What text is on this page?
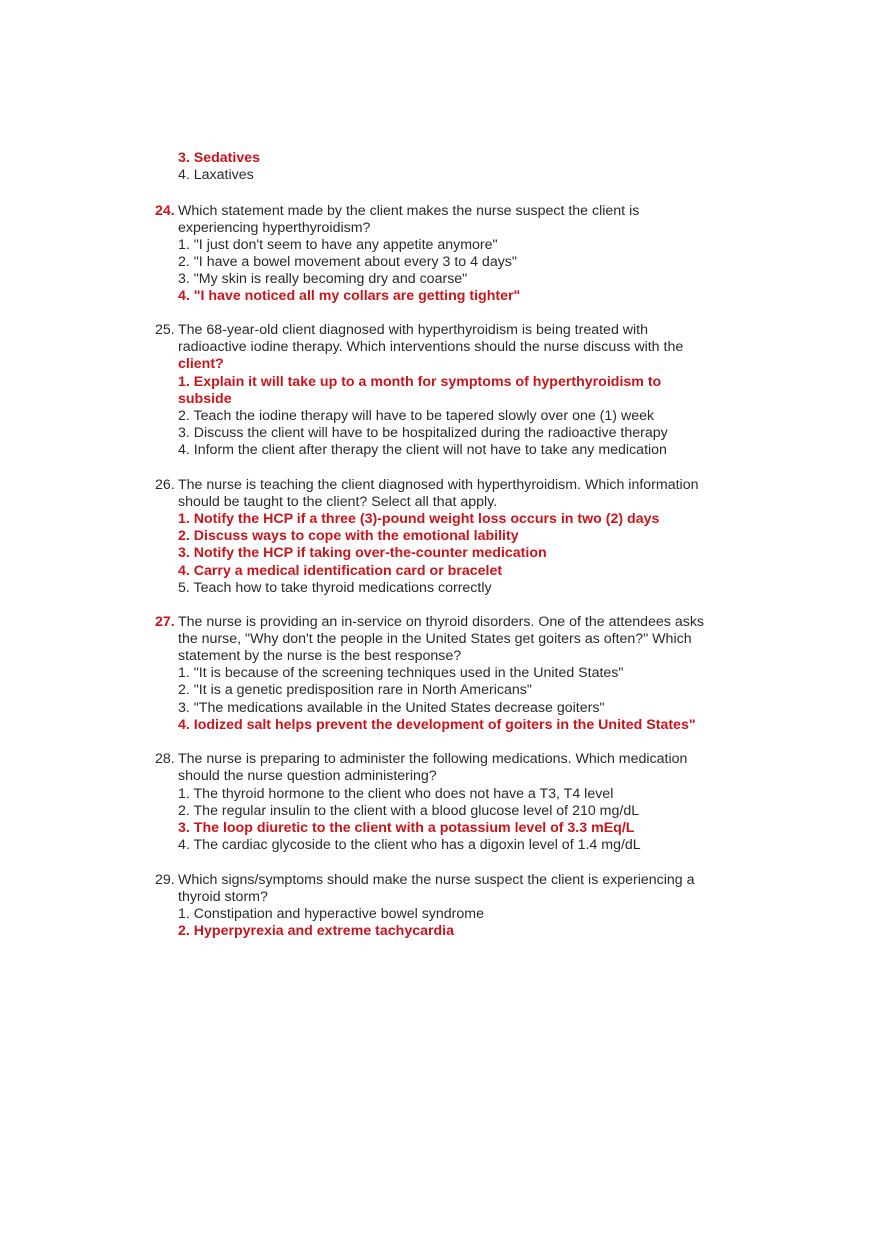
3. Sedatives
4. Laxatives
24. Which statement made by the client makes the nurse suspect the client is
experiencing hyperthyroidism?
1. "I just don't seem to have any appetite anymore"
2. "I have a bowel movement about every 3 to 4 days"
3. "My skin is really becoming dry and coarse"
4. "I have noticed all my collars are getting tighter"
25. The 68-year-old client diagnosed with hyperthyroidism is being treated with
radioactive iodine therapy. Which interventions should the nurse discuss with the
client?
1. Explain it will take up to a month for symptoms of hyperthyroidism to
subside
2. Teach the iodine therapy will have to be tapered slowly over one (1) week
3. Discuss the client will have to be hospitalized during the radioactive therapy
4. Inform the client after therapy the client will not have to take any medication
26. The nurse is teaching the client diagnosed with hyperthyroidism. Which information
should be taught to the client? Select all that apply.
1. Notify the HCP if a three (3)-pound weight loss occurs in two (2) days
2. Discuss ways to cope with the emotional lability
3. Notify the HCP if taking over-the-counter medication
4. Carry a medical identification card or bracelet
5. Teach how to take thyroid medications correctly
27. The nurse is providing an in-service on thyroid disorders. One of the attendees asks
the nurse, "Why don't the people in the United States get goiters as often?" Which
statement by the nurse is the best response?
1. "It is because of the screening techniques used in the United States"
2. "It is a genetic predisposition rare in North Americans"
3. "The medications available in the United States decrease goiters"
4. Iodized salt helps prevent the development of goiters in the United States"
28. The nurse is preparing to administer the following medications. Which medication
should the nurse question administering?
1. The thyroid hormone to the client who does not have a T3, T4 level
2. The regular insulin to the client with a blood glucose level of 210 mg/dL
3. The loop diuretic to the client with a potassium level of 3.3 mEq/L
4. The cardiac glycoside to the client who has a digoxin level of 1.4 mg/dL
29. Which signs/symptoms should make the nurse suspect the client is experiencing a
thyroid storm?
1. Constipation and hyperactive bowel syndrome
2. Hyperpyrexia and extreme tachycardia
